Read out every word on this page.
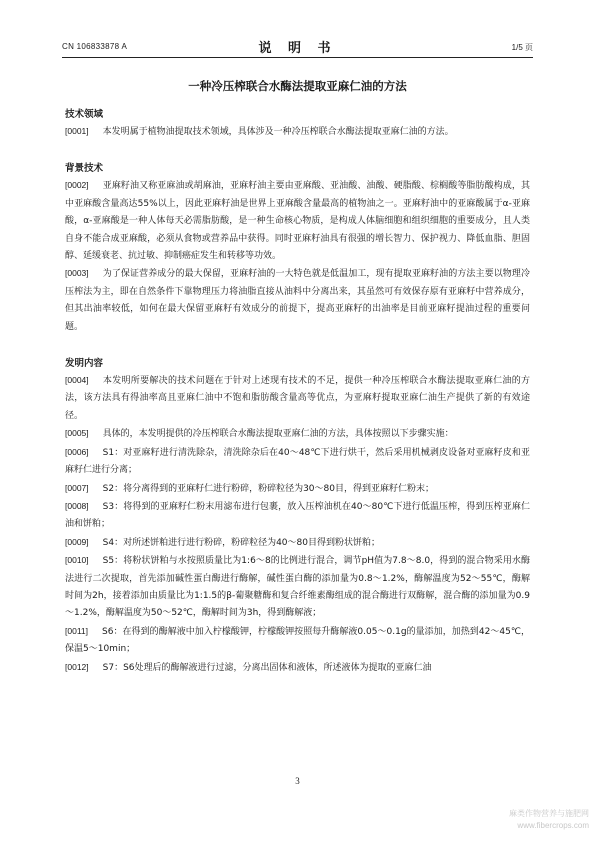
CN 106833878 A	说 明 书	1/5 页
一种冷压榨联合水酶法提取亚麻仁油的方法

技术领域

[0001] 本发明属于植物油提取技术领域，具体涉及一种冷压榨联合水酶法提取亚麻仁油的方法。

背景技术

[0002] 亚麻籽油又称亚麻油或胡麻油，亚麻籽油主要由亚麻酸、亚油酸、油酸、硬脂酸、棕榈酸等脂肪酸构成，其中亚麻酸含量高达55%以上，因此亚麻籽油是世界上亚麻酸含量最高的植物油之一。亚麻籽油中的亚麻酸属于α-亚麻酸，α-亚麻酸是一种人体每天必需脂肪酸，是一种生命核心物质，是构成人体脑细胞和组织细胞的重要成分，且人类自身不能合成亚麻酸，必须从食物或营养品中获得。同时亚麻籽油具有很强的增长智力、保护视力、降低血脂、胆固醇、延缓衰老、抗过敏、抑制癌症发生和转移等功效。

[0003] 为了保证营养成分的最大保留，亚麻籽油的一大特色就是低温加工，现有提取亚麻籽油的方法主要以物理冷压榨法为主，即在自然条件下靠物理压力将油脂直接从油料中分离出来，其虽然可有效保存原有亚麻籽中营养成分，但其出油率较低，如何在最大保留亚麻籽有效成分的前提下，提高亚麻籽的出油率是目前亚麻籽提油过程的重要问题。

发明内容

[0004] 本发明所要解决的技术问题在于针对上述现有技术的不足，提供一种冷压榨联合水酶法提取亚麻仁油的方法，该方法具有得油率高且亚麻仁油中不饱和脂肪酸含量高等优点，为亚麻籽提取亚麻仁油生产提供了新的有效途径。

[0005] 具体的，本发明提供的冷压榨联合水酶法提取亚麻仁油的方法，具体按照以下步骤实施：

[0006] S1：对亚麻籽进行清洗除杂，清洗除杂后在40～48℃下进行烘干，然后采用机械剥皮设备对亚麻籽皮和亚麻籽仁进行分离；

[0007] S2：将分离得到的亚麻籽仁进行粉碎，粉碎粒径为30～80目，得到亚麻籽仁粉末；

[0008] S3：将得到的亚麻籽仁粉末用滤布进行包裹，放入压榨油机在40～80℃下进行低温压榨，得到压榨亚麻仁油和饼粕；

[0009] S4：对所述饼粕进行进行粉碎，粉碎粒径为40～80目得到粉状饼粕；

[0010] S5：将粉状饼粕与水按照质量比为1:6～8的比例进行混合，调节pH值为7.8～8.0，得到的混合物采用水酶法进行二次提取，首先添加碱性蛋白酶进行酶解，碱性蛋白酶的添加量为0.8～1.2%，酶解温度为52～55℃，酶解时间为2h，接着添加由质量比为1:1.5的β-葡聚糖酶和复合纤维素酶组成的混合酶进行双酶解，混合酶的添加量为0.9～1.2%，酶解温度为50～52℃，酶解时间为3h，得到酶解液；

[0011] S6：在得到的酶解液中加入柠檬酸钾，柠檬酸钾按照每升酶解液0.05～0.1g的量添加，加热到42～45℃，保温5～10min；

[0012] S7：S6处理后的酶解液进行过滤，分离出固体和液体，所述液体为提取的亚麻仁油

3
麻类作物营养与施肥网
www.fibercrops.com
